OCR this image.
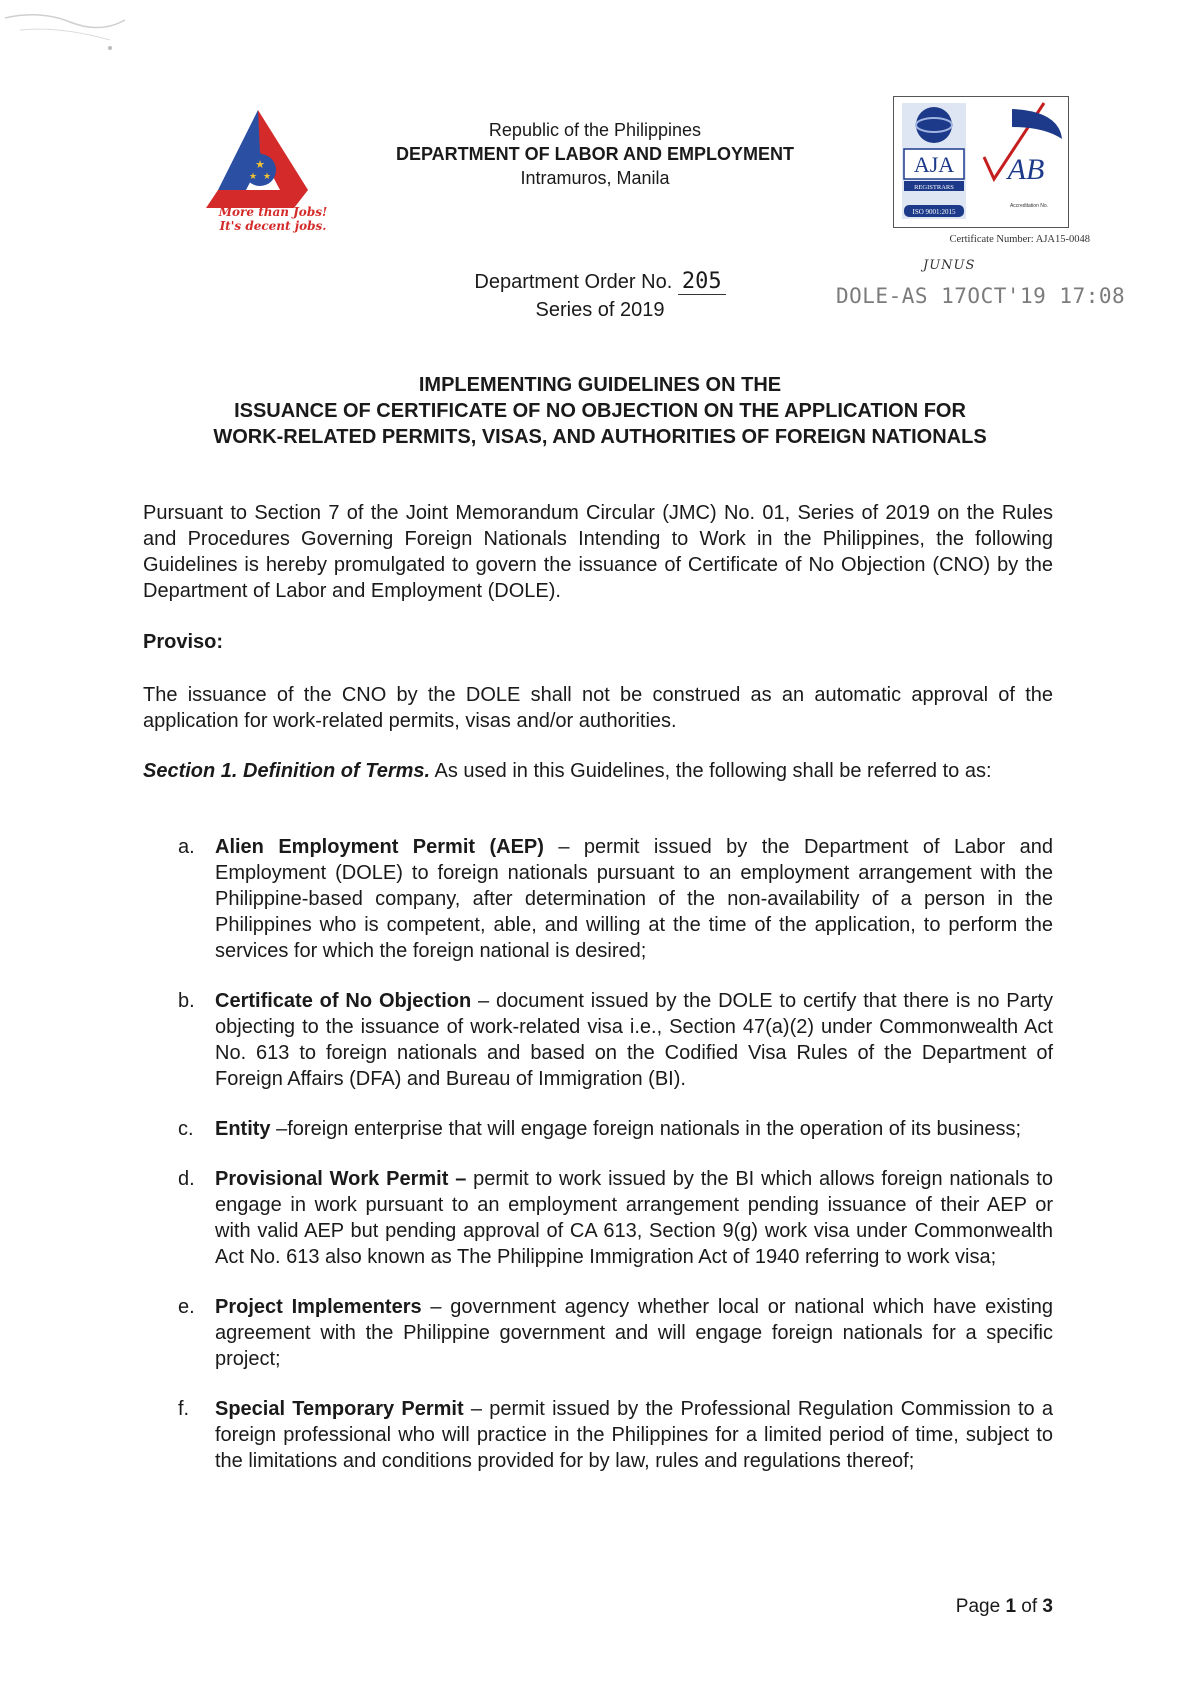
★
★ ★
More than Jobs!
It's decent jobs.
Republic of the Philippines
DEPARTMENT OF LABOR AND EMPLOYMENT
Intramuros, Manila
AJA
REGISTRARS
ISO 9001:2015
AB
Accreditation No.
Certificate Number: AJA15-0048
Department Order No. 205
Series of 2019
JUNUS
DOLE-AS 17OCT'19 17:08
IMPLEMENTING GUIDELINES ON THE
ISSUANCE OF CERTIFICATE OF NO OBJECTION ON THE APPLICATION FOR
WORK-RELATED PERMITS, VISAS, AND AUTHORITIES OF FOREIGN NATIONALS
Pursuant to Section 7 of the Joint Memorandum Circular (JMC) No. 01, Series of 2019 on the Rules and Procedures Governing Foreign Nationals Intending to Work in the Philippines, the following Guidelines is hereby promulgated to govern the issuance of Certificate of No Objection (CNO) by the Department of Labor and Employment (DOLE).
Proviso:
The issuance of the CNO by the DOLE shall not be construed as an automatic approval of the application for work-related permits, visas and/or authorities.
Section 1. Definition of Terms. As used in this Guidelines, the following shall be referred to as:
a.	Alien Employment Permit (AEP) – permit issued by the Department of Labor and Employment (DOLE) to foreign nationals pursuant to an employment arrangement with the Philippine-based company, after determination of the non-availability of a person in the Philippines who is competent, able, and willing at the time of the application, to perform the services for which the foreign national is desired;
b.	Certificate of No Objection – document issued by the DOLE to certify that there is no Party objecting to the issuance of work-related visa i.e., Section 47(a)(2) under Commonwealth Act No. 613 to foreign nationals and based on the Codified Visa Rules of the Department of Foreign Affairs (DFA) and Bureau of Immigration (BI).
c.	Entity –foreign enterprise that will engage foreign nationals in the operation of its business;
d.	Provisional Work Permit – permit to work issued by the BI which allows foreign nationals to engage in work pursuant to an employment arrangement pending issuance of their AEP or with valid AEP but pending approval of CA 613, Section 9(g) work visa under Commonwealth Act No. 613 also known as The Philippine Immigration Act of 1940 referring to work visa;
e.	Project Implementers – government agency whether local or national which have existing agreement with the Philippine government and will engage foreign nationals for a specific project;
f.	Special Temporary Permit – permit issued by the Professional Regulation Commission to a foreign professional who will practice in the Philippines for a limited period of time, subject to the limitations and conditions provided for by law, rules and regulations thereof;
Page 1 of 3
